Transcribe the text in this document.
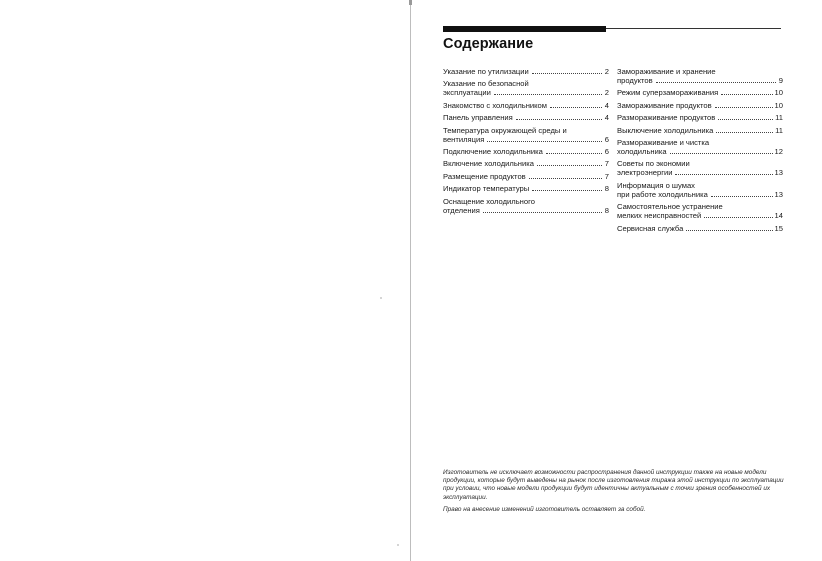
Содержание
Указание по утилизации	2
Указание по безопасной
эксплуатации	2
Знакомство с холодильником	4
Панель управления	4
Температура окружающей среды и
вентиляция	6
Подключение холодильника	6
Включение холодильника	7
Размещение продуктов	7
Индикатор температуры	8
Оснащение холодильного
отделения	8
Замораживание и хранение
продуктов	9
Режим суперзамораживания	10
Замораживание продуктов	10
Размораживание продуктов	11
Выключение холодильника	11
Размораживание и чистка
холодильника	12
Советы по экономии
электроэнергии	13
Информация о шумах
при работе холодильника	13
Самостоятельное устранение
мелких неисправностей	14
Сервисная служба	15

Изготовитель не исключает возможности распространения данной инструкции также на новые модели продукции, которые будут выведены на рынок после изготовления тиража этой инструкции по эксплуатации при условии, что новые модели продукции будут идентичны актуальным с точки зрения особенностей их эксплуатации.

Право на внесение изменений изготовитель оставляет за собой.
